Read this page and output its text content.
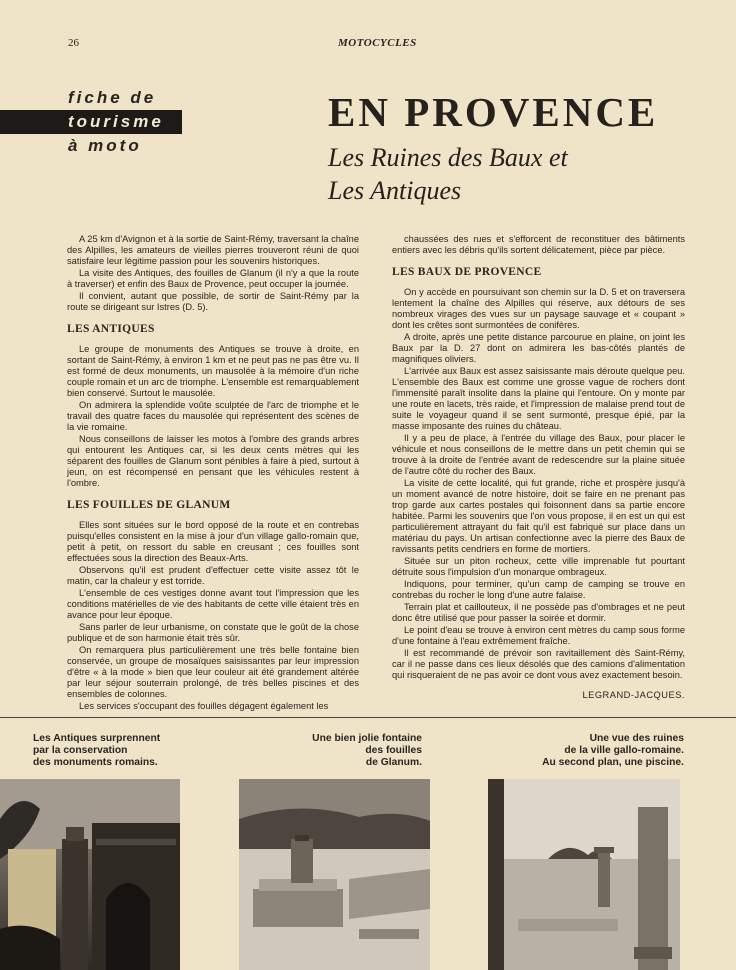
26	MOTOCYCLES
fiche de
tourisme
à moto
EN PROVENCE
Les Ruines des Baux et
Les Antiques

A 25 km d'Avignon et à la sortie de Saint-Rémy, traversant la chaîne des Alpilles, les amateurs de vieilles pierres trouveront réuni de quoi satisfaire leur légitime passion pour les souvenirs historiques.

La visite des Antiques, des fouilles de Glanum (il n'y a que la route à traverser) et enfin des Baux de Provence, peut occuper la journée.

Il convient, autant que possible, de sortir de Saint-Rémy par la route se dirigeant sur Istres (D. 5).

LES ANTIQUES

Le groupe de monuments des Antiques se trouve à droite, en sortant de Saint-Rémy, à environ 1 km et ne peut pas ne pas être vu. Il est formé de deux monuments, un mausolée à la mémoire d'un riche couple romain et un arc de triomphe. L'ensemble est remarquablement bien conservé. Surtout le mausolée.

On admirera la splendide voûte sculptée de l'arc de triomphe et le travail des quatre faces du mausolée qui représentent des scènes de la vie romaine.

Nous conseillons de laisser les motos à l'ombre des grands arbres qui entourent les Antiques car, si les deux cents mètres qui les séparent des fouilles de Glanum sont pénibles à faire à pied, surtout à jeun, on est récompensé en pensant que les véhicules restent à l'ombre.

LES FOUILLES DE GLANUM

Elles sont situées sur le bord opposé de la route et en contrebas puisqu'elles consistent en la mise à jour d'un village gallo-romain que, petit à petit, on ressort du sable en creusant ; ces fouilles sont effectuées sous la direction des Beaux-Arts.

Observons qu'il est prudent d'effectuer cette visite assez tôt le matin, car la chaleur y est torride.

L'ensemble de ces vestiges donne avant tout l'impression que les conditions matérielles de vie des habitants de cette ville étaient très en avance pour leur époque.

Sans parler de leur urbanisme, on constate que le goût de la chose publique et de son harmonie était très sûr.

On remarquera plus particulièrement une très belle fontaine bien conservée, un groupe de mosaïques saisissantes par leur impression d'être « à la mode » bien que leur couleur ait été grandement altérée par leur séjour souterrain prolongé, de très belles piscines et des ensembles de colonnes.

Les services s'occupant des fouilles dégagent également les

chaussées des rues et s'efforcent de reconstituer des bâtiments entiers avec les débris qu'ils sortent délicatement, pièce par pièce.

LES BAUX DE PROVENCE

On y accède en poursuivant son chemin sur la D. 5 et on traversera lentement la chaîne des Alpilles qui réserve, aux détours de ses nombreux virages des vues sur un paysage sauvage et « coupant » dont les crêtes sont surmontées de conifères.

A droite, après une petite distance parcourue en plaine, on joint les Baux par la D. 27 dont on admirera les bas-côtés plantés de magnifiques oliviers.

L'arrivée aux Baux est assez saisissante mais déroute quelque peu. L'ensemble des Baux est comme une grosse vague de rochers dont l'immensité paraît insolite dans la plaine qui l'entoure. On y monte par une route en lacets, très raide, et l'impression de malaise prend tout de suite le voyageur quand il se sent surmonté, presque épié, par la masse imposante des ruines du château.

Il y a peu de place, à l'entrée du village des Baux, pour placer le véhicule et nous conseillons de le mettre dans un petit chemin qui se trouve à la droite de l'entrée avant de redescendre sur la plaine située de l'autre côté du rocher des Baux.

La visite de cette localité, qui fut grande, riche et prospère jusqu'à un moment avancé de notre histoire, doit se faire en ne prenant pas trop garde aux cartes postales qui foisonnent dans sa partie encore habitée. Parmi les souvenirs que l'on vous propose, il en est un qui est particulièrement attrayant du fait qu'il est fabriqué sur place dans un matériau du pays. Un artisan confectionne avec la pierre des Baux de ravissants petits cendriers en forme de mortiers.

Située sur un piton rocheux, cette ville imprenable fut pourtant détruite sous l'impulsion d'un monarque ombrageux.

Indiquons, pour terminer, qu'un camp de camping se trouve en contrebas du rocher le long d'une autre falaise.

Terrain plat et caillouteux, il ne possède pas d'ombrages et ne peut donc être utilisé que pour passer la soirée et dormir.

Le point d'eau se trouve à environ cent mètres du camp sous forme d'une fontaine à l'eau extrêmement fraîche.

Il est recommandé de prévoir son ravitaillement dès Saint-Rémy, car il ne passe dans ces lieux désolés que des camions d'alimentation qui risqueraient de ne pas avoir ce dont vous avez exactement besoin.

LEGRAND-JACQUES.

Les Antiques surprennent
par la conservation
des monuments romains.
Une bien jolie fontaine
des fouilles
de Glanum.
Une vue des ruines
de la ville gallo-romaine.
Au second plan, une piscine.
